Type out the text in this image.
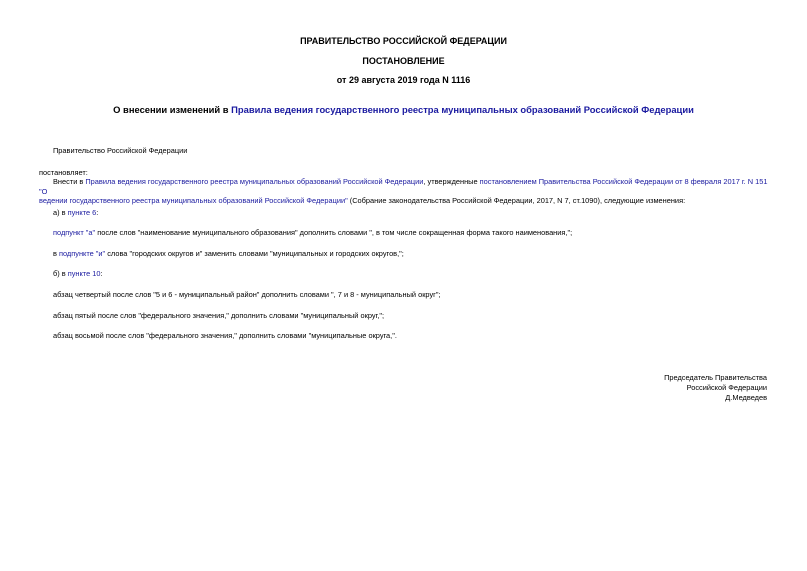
ПРАВИТЕЛЬСТВО РОССИЙСКОЙ ФЕДЕРАЦИИ

ПОСТАНОВЛЕНИЕ

от 29 августа 2019 года N 1116

О внесении изменений в Правила ведения государственного реестра муниципальных образований Российской Федерации

Правительство Российской Федерации

постановляет:

Внести в Правила ведения государственного реестра муниципальных образований Российской Федерации, утвержденные постановлением Правительства Российской Федерации от 8 февраля 2017 г. N 151 "О
ведении государственного реестра муниципальных образований Российской Федерации" (Собрание законодательства Российской Федерации, 2017, N 7, ст.1090), следующие изменения:

а) в пункте 6:

подпункт "а" после слов "наименование муниципального образования" дополнить словами ", в том числе сокращенная форма такого наименования,";

в подпункте "и" слова "городских округов и" заменить словами "муниципальных и городских округов,";

б) в пункте 10:

абзац четвертый после слов "5 и 6 - муниципальный район" дополнить словами ", 7 и 8 - муниципальный округ";

абзац пятый после слов "федерального значения," дополнить словами "муниципальный округ,";

абзац восьмой после слов "федерального значения," дополнить словами "муниципальные округа,".

Председатель Правительства
Российской Федерации
Д.Медведев
